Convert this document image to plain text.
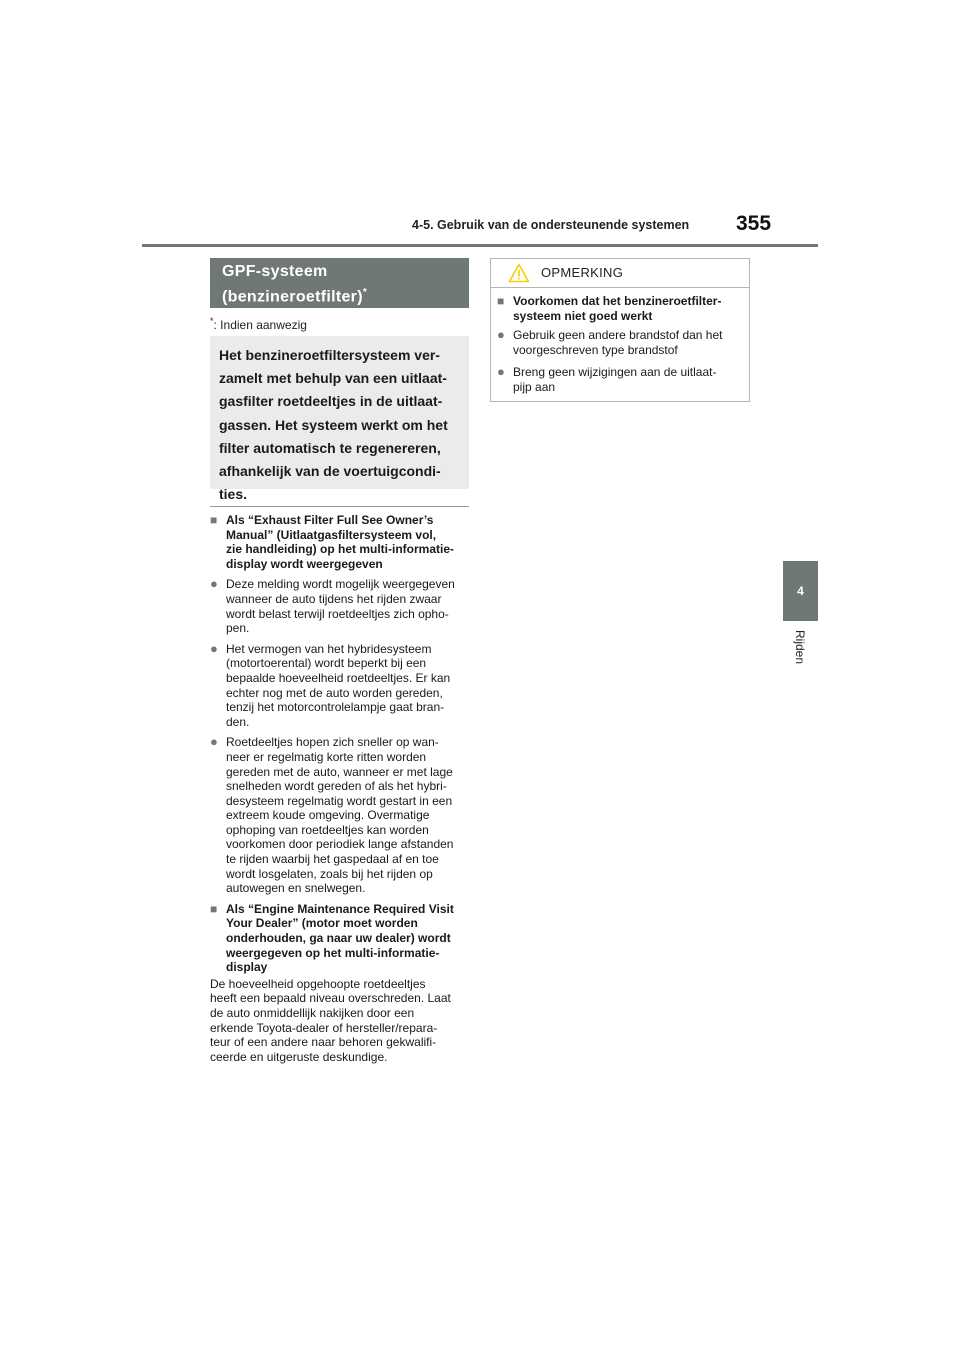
4-5. Gebruik van de ondersteunende systemen	355
4
Rijden
GPF-systeem
(benzineroetfilter)*
*: Indien aanwezig
Het benzineroetfiltersysteem ver-
zamelt met behulp van een uitlaat-
gasfilter roetdeeltjes in de uitlaat-
gassen. Het systeem werkt om het
filter automatisch te regenereren,
afhankelijk van de voertuigcondi-
ties.
■ Als “Exhaust Filter Full See Owner’s
Manual” (Uitlaatgasfiltersysteem vol,
zie handleiding) op het multi-informatie-
display wordt weergegeven
● Deze melding wordt mogelijk weergegeven
wanneer de auto tijdens het rijden zwaar
wordt belast terwijl roetdeeltjes zich opho-
pen.
● Het vermogen van het hybridesysteem
(motortoerental) wordt beperkt bij een
bepaalde hoeveelheid roetdeeltjes. Er kan
echter nog met de auto worden gereden,
tenzij het motorcontrolelampje gaat bran-
den.
● Roetdeeltjes hopen zich sneller op wan-
neer er regelmatig korte ritten worden
gereden met de auto, wanneer er met lage
snelheden wordt gereden of als het hybri-
desysteem regelmatig wordt gestart in een
extreem koude omgeving. Overmatige
ophoping van roetdeeltjes kan worden
voorkomen door periodiek lange afstanden
te rijden waarbij het gaspedaal af en toe
wordt losgelaten, zoals bij het rijden op
autowegen en snelwegen.
■ Als “Engine Maintenance Required Visit
Your Dealer” (motor moet worden
onderhouden, ga naar uw dealer) wordt
weergegeven op het multi-informatie-
display
De hoeveelheid opgehoopte roetdeeltjes
heeft een bepaald niveau overschreden. Laat
de auto onmiddellijk nakijken door een
erkende Toyota-dealer of hersteller/repara-
teur of een andere naar behoren gekwalifi-
ceerde en uitgeruste deskundige.
OPMERKING
■ Voorkomen dat het benzineroetfilter-
systeem niet goed werkt
● Gebruik geen andere brandstof dan het
voorgeschreven type brandstof
● Breng geen wijzigingen aan de uitlaat-
pijp aan
